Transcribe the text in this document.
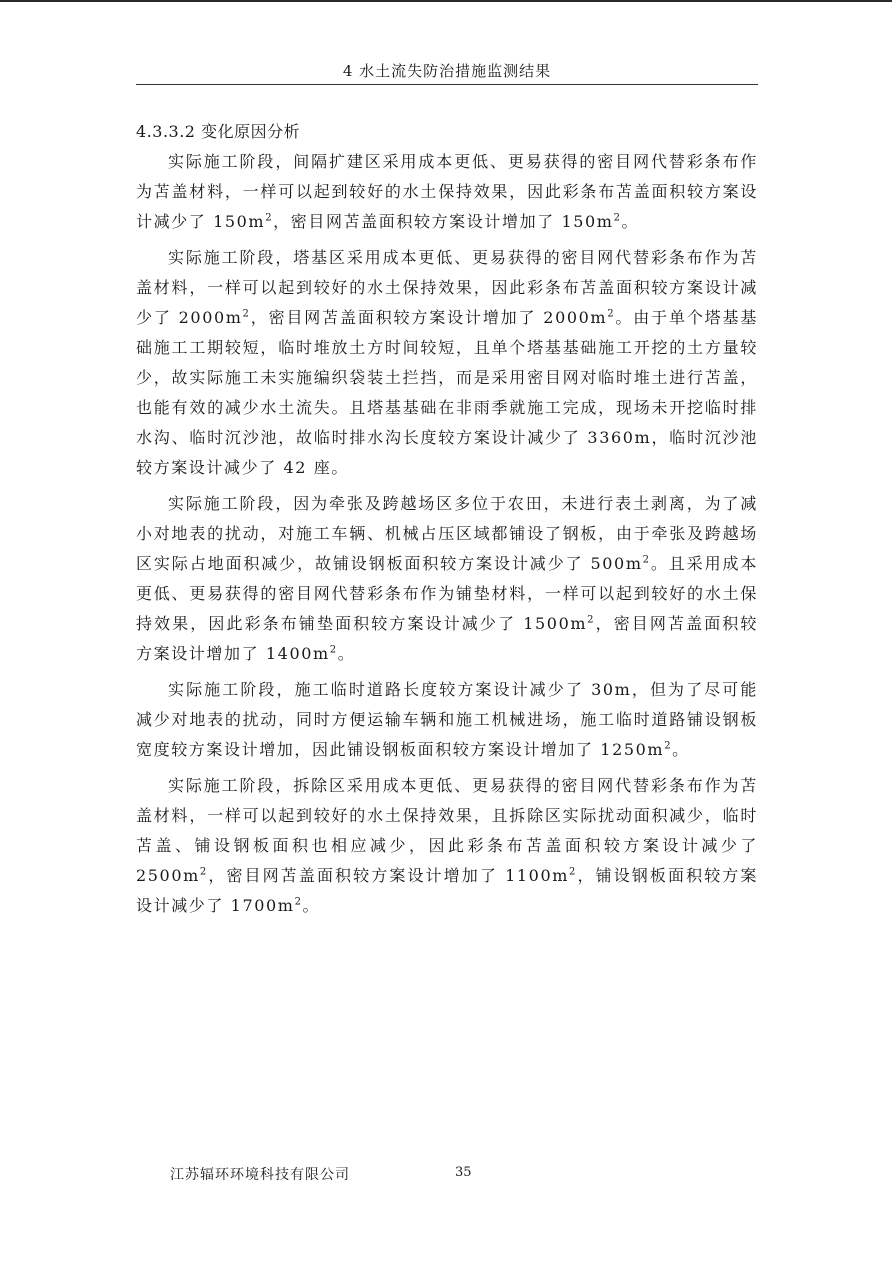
4 水土流失防治措施监测结果
4.3.3.2 变化原因分析

实际施工阶段，间隔扩建区采用成本更低、更易获得的密目网代替彩条布作为苫盖材料，一样可以起到较好的水土保持效果，因此彩条布苫盖面积较方案设计减少了 $150m^2$，密目网苫盖面积较方案设计增加了 $150m^2$。

实际施工阶段，塔基区采用成本更低、更易获得的密目网代替彩条布作为苫盖材料，一样可以起到较好的水土保持效果，因此彩条布苫盖面积较方案设计减少了 $2000m^2$，密目网苫盖面积较方案设计增加了 $2000m^2$。由于单个塔基基础施工工期较短，临时堆放土方时间较短，且单个塔基基础施工开挖的土方量较少，故实际施工未实施编织袋装土拦挡，而是采用密目网对临时堆土进行苫盖，也能有效的减少水土流失。且塔基基础在非雨季就施工完成，现场未开挖临时排水沟、临时沉沙池，故临时排水沟长度较方案设计减少了 3360m，临时沉沙池较方案设计减少了 42 座。

实际施工阶段，因为牵张及跨越场区多位于农田，未进行表土剥离，为了减小对地表的扰动，对施工车辆、机械占压区域都铺设了钢板，由于牵张及跨越场区实际占地面积减少，故铺设钢板面积较方案设计减少了 $500m^2$。且采用成本更低、更易获得的密目网代替彩条布作为铺垫材料，一样可以起到较好的水土保持效果，因此彩条布铺垫面积较方案设计减少了 $1500m^2$，密目网苫盖面积较方案设计增加了 $1400m^2$。

实际施工阶段，施工临时道路长度较方案设计减少了 30m，但为了尽可能减少对地表的扰动，同时方便运输车辆和施工机械进场，施工临时道路铺设钢板宽度较方案设计增加，因此铺设钢板面积较方案设计增加了 $1250m^2$。

实际施工阶段，拆除区采用成本更低、更易获得的密目网代替彩条布作为苫盖材料，一样可以起到较好的水土保持效果，且拆除区实际扰动面积减少，临时苫盖、铺设钢板面积也相应减少，因此彩条布苫盖面积较方案设计减少了 $2500m^2$，密目网苫盖面积较方案设计增加了 $1100m^2$，铺设钢板面积较方案设计减少了 $1700m^2$。

江苏辐环环境科技有限公司	35
